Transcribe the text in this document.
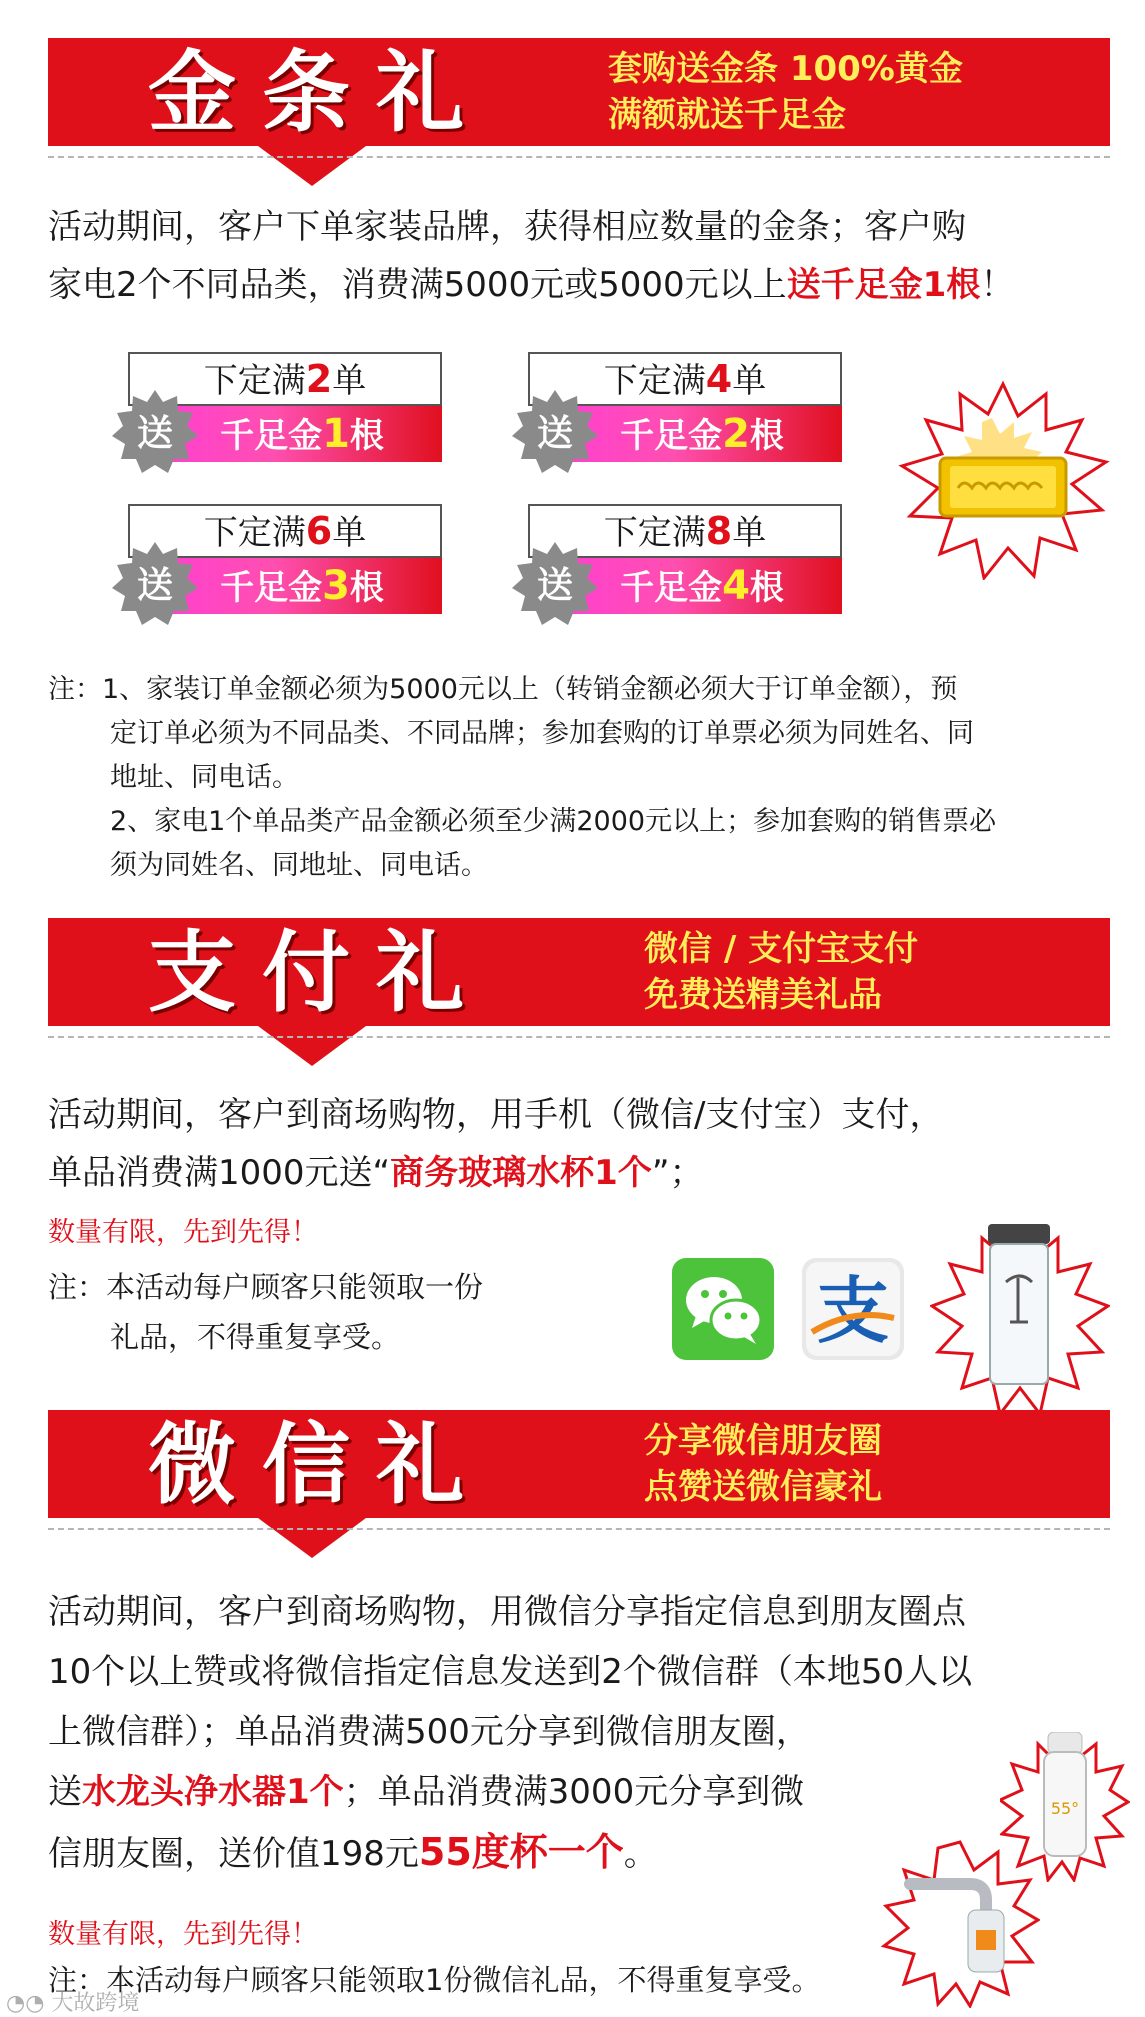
金条礼	套购送金条 100%黄金
满额就送千足金
活动期间，客户下单家装品牌，获得相应数量的金条；客户购
家电2个不同品类，消费满5000元或5000元以上送千足金1根！
下定满2单
千足金1根
送
下定满4单
千足金2根
送
下定满6单
千足金3根
送
下定满8单
千足金4根
送
注：1、家装订单金额必须为5000元以上（转销金额必须大于订单金额），预
定订单必须为不同品类、不同品牌；参加套购的订单票必须为同姓名、同
地址、同电话。
2、家电1个单品类产品金额必须至少满2000元以上；参加套购的销售票必
须为同姓名、同地址、同电话。
支付礼	微信 / 支付宝支付
免费送精美礼品
活动期间，客户到商场购物，用手机（微信/支付宝）支付，
单品消费满1000元送“商务玻璃水杯1个”；
数量有限，先到先得！
注：本活动每户顾客只能领取一份
礼品，不得重复享受。	支
微信礼	分享微信朋友圈
点赞送微信豪礼
活动期间，客户到商场购物，用微信分享指定信息到朋友圈点
10个以上赞或将微信指定信息发送到2个微信群（本地50人以
上微信群）；单品消费满500元分享到微信朋友圈，
送水龙头净水器1个；单品消费满3000元分享到微
信朋友圈，送价值198元55度杯一个。
数量有限，先到先得！
注：本活动每户顾客只能领取1份微信礼品，不得重复享受。
55°
◔◔ 大故跨境
